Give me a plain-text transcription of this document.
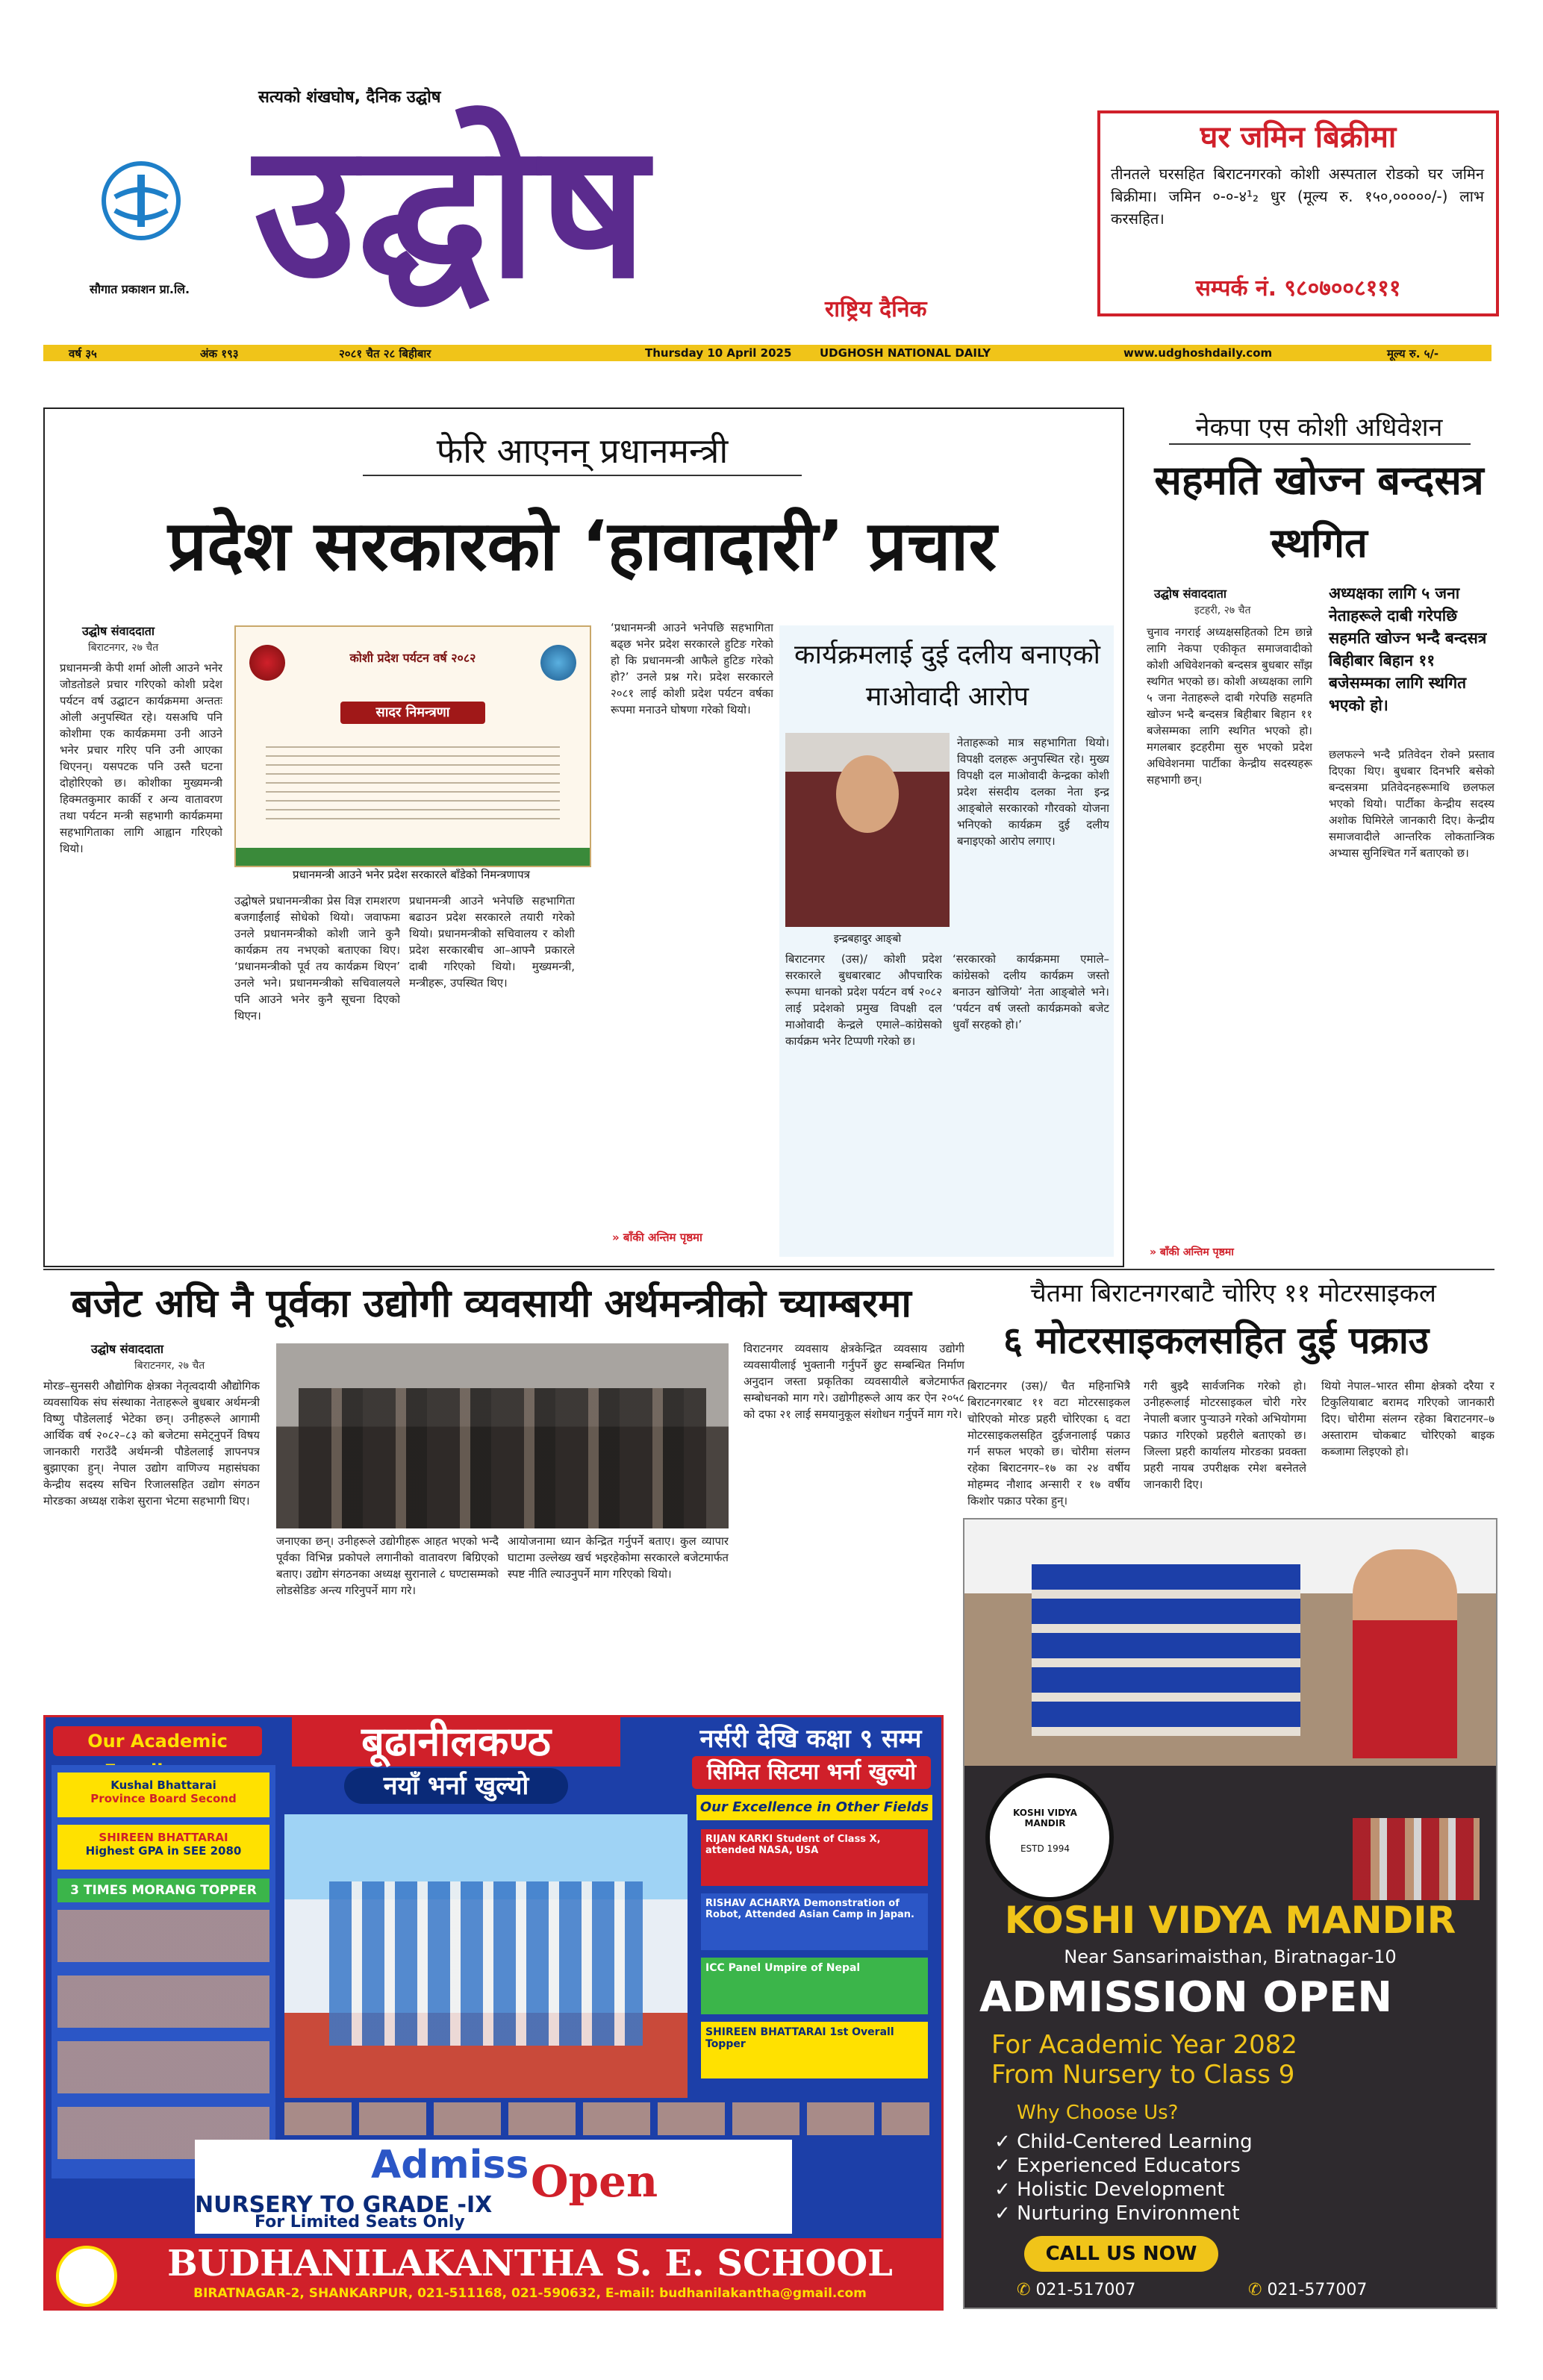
सौगात प्रकाशन प्रा.लि.
सत्यको शंखघोष, दैनिक उद्घोष
उद्घोष	राष्ट्रिय दैनिक
घर जमिन बिक्रीमा
तीनतले घरसहित बिराटनगरको कोशी अस्पताल रोडको घर जमिन बिक्रीमा। जमिन ०-०-४¹₂ धुर (मूल्य रु. १५०,०००००/-) लाभ करसहित।
सम्पर्क नं. ९८०७००८१११
वर्ष ३५	अंक १९३	२०८१ चैत २८ बिहीबार	Thursday 10 April 2025	UDGHOSH NATIONAL DAILY	www.udghoshdaily.com	मूल्य रु. ५/-
फेरि आएनन् प्रधानमन्त्री
प्रदेश सरकारको ‘हावादारी’ प्रचार
उद्घोष संवाददाता
बिराटनगर, २७ चैत
प्रधानमन्त्री केपी शर्मा ओली आउने भनेर जोडतोडले प्रचार गरिएको कोशी प्रदेश पर्यटन वर्ष उद्घाटन कार्यक्रममा अन्ततः ओली अनुपस्थित रहे। यसअघि पनि कोशीमा एक कार्यक्रममा उनी आउने भनेर प्रचार गरिए पनि उनी आएका थिएनन्। यसपटक पनि उस्तै घटना दोहोरिएको छ। कोशीका मुख्यमन्त्री हिक्मतकुमार कार्की र अन्य वातावरण तथा पर्यटन मन्त्री सहभागी कार्यक्रममा सहभागिताका लागि आह्वान गरिएको थियो।
कोशी प्रदेश पर्यटन वर्ष २०८२
सादर निमन्त्रणा
प्रधानमन्त्री आउने भनेर प्रदेश सरकारले बाँडेको निमन्त्रणापत्र
उद्घोषले प्रधानमन्त्रीका प्रेस विज्ञ रामशरण बजगाईंलाई सोधेको थियो। जवाफमा उनले प्रधानमन्त्रीको कोशी जाने कुनै कार्यक्रम तय नभएको बताएका थिए। ‘प्रधानमन्त्रीको पूर्व तय कार्यक्रम थिएन’ उनले भने। प्रधानमन्त्रीको सचिवालयले पनि आउने भनेर कुनै सूचना दिएको थिएन।
प्रधानमन्त्री आउने भनेपछि सहभागिता बढाउन प्रदेश सरकारले तयारी गरेको थियो। प्रधानमन्त्रीको सचिवालय र कोशी प्रदेश सरकारबीच आ–आफ्नै प्रकारले दाबी गरिएको थियो। मुख्यमन्त्री, मन्त्रीहरू, उपस्थित थिए।
‘प्रधानमन्त्री आउने भनेपछि सहभागिता बढ्छ भनेर प्रदेश सरकारले हुटिङ गरेको हो कि प्रधानमन्त्री आफैले हुटिङ गरेको हो?’ उनले प्रश्न गरे। प्रदेश सरकारले २०८१ लाई कोशी प्रदेश पर्यटन वर्षका रूपमा मनाउने घोषणा गरेको थियो।
» बाँकी अन्तिम पृष्ठमा
कार्यक्रमलाई दुई दलीय बनाएको माओवादी आरोप
इन्द्रबहादुर आङ्बो
नेताहरूको मात्र सहभागिता थियो। विपक्षी दलहरू अनुपस्थित रहे। मुख्य विपक्षी दल माओवादी केन्द्रका कोशी प्रदेश संसदीय दलका नेता इन्द्र आङ्बोले सरकारको गौरवको योजना भनिएको कार्यक्रम दुई दलीय बनाइएको आरोप लगाए।
बिराटनगर (उस)/ कोशी प्रदेश सरकारले बुधबारबाट औपचारिक रूपमा धानको प्रदेश पर्यटन वर्ष २०८२ लाई प्रदेशको प्रमुख विपक्षी दल माओवादी केन्द्रले एमाले–कांग्रेसको कार्यक्रम भनेर टिप्पणी गरेको छ।
‘सरकारको कार्यक्रममा एमाले–कांग्रेसको दलीय कार्यक्रम जस्तो बनाउन खोजियो’ नेता आङ्बोले भने। ‘पर्यटन वर्ष जस्तो कार्यक्रमको बजेट धुवाँ सरहको हो।’
नेकपा एस कोशी अधिवेशन
सहमति खोज्न बन्दसत्र स्थगित
उद्घोष संवाददाता
इटहरी, २७ चैत
अध्यक्षका लागि ५ जना नेताहरूले दाबी गरेपछि सहमति खोज्न भन्दै बन्दसत्र बिहीबार बिहान ११ बजेसम्मका लागि स्थगित भएको हो।
चुनाव नगराई अध्यक्षसहितको टिम छान्ने लागि नेकपा एकीकृत समाजवादीको कोशी अधिवेशनको बन्दसत्र बुधबार साँझ स्थगित भएको छ। कोशी अध्यक्षका लागि ५ जना नेताहरूले दाबी गरेपछि सहमति खोज्न भन्दै बन्दसत्र बिहीबार बिहान ११ बजेसम्मका लागि स्थगित भएको हो। मगलबार इटहरीमा सुरु भएको प्रदेश अधिवेशनमा पार्टीका केन्द्रीय सदस्यहरू सहभागी छन्।
छलफल्ने भन्दै प्रतिवेदन रोक्ने प्रस्ताव दिएका थिए। बुधबार दिनभरि बसेको बन्दसत्रमा प्रतिवेदनहरूमाथि छलफल भएको थियो। पार्टीका केन्द्रीय सदस्य अशोक घिमिरेले जानकारी दिए। केन्द्रीय समाजवादीले आन्तरिक लोकतान्त्रिक अभ्यास सुनिश्चित गर्ने बताएको छ।
» बाँकी अन्तिम पृष्ठमा
बजेट अघि नै पूर्वका उद्योगी व्यवसायी अर्थमन्त्रीको च्याम्बरमा
उद्घोष संवाददाता
बिराटनगर, २७ चैत
मोरङ–सुनसरी औद्योगिक क्षेत्रका नेतृत्वदायी औद्योगिक व्यवसायिक संघ संस्थाका नेताहरूले बुधबार अर्थमन्त्री विष्णु पौडेललाई भेटेका छन्। उनीहरूले आगामी आर्थिक वर्ष २०८२–८३ को बजेटमा समेट्नुपर्ने विषय जानकारी गराउँदै अर्थमन्त्री पौडेललाई ज्ञापनपत्र बुझाएका हुन्। नेपाल उद्योग वाणिज्य महासंघका केन्द्रीय सदस्य सचिन रिजालसहित उद्योग संगठन मोरङका अध्यक्ष राकेश सुराना भेटमा सहभागी थिए।
जनाएका छन्। उनीहरूले उद्योगीहरू आहत भएको भन्दै पूर्वका विभिन्न प्रकोपले लगानीको वातावरण बिग्रिएको बताए। उद्योग संगठनका अध्यक्ष सुरानाले ८ घण्टासम्मको लोडसेडिङ अन्त्य गरिनुपर्ने माग गरे।
आयोजनामा ध्यान केन्द्रित गर्नुपर्ने बताए। कुल व्यापार घाटामा उल्लेख्य खर्च भइरहेकोमा सरकारले बजेटमार्फत स्पष्ट नीति ल्याउनुपर्ने माग गरिएको थियो।
विराटनगर व्यवसाय क्षेत्रकेन्द्रित व्यवसाय उद्योगी व्यवसायीलाई भुक्तानी गर्नुपर्ने छुट सम्बन्धित निर्माण अनुदान जस्ता प्रकृतिका व्यवसायीले बजेटमार्फत सम्बोधनको माग गरे। उद्योगीहरूले आय कर ऐन २०५८ को दफा २१ लाई समयानुकूल संशोधन गर्नुपर्ने माग गरे।
चैतमा बिराटनगरबाटै चोरिए ११ मोटरसाइकल
६ मोटरसाइकलसहित दुई पक्राउ
बिराटनगर (उस)/ चैत महिनाभित्रै बिराटनगरबाट ११ वटा मोटरसाइकल चोरिएको मोरङ प्रहरी चोरिएका ६ वटा मोटरसाइकलसहित दुईजनालाई पक्राउ गर्न सफल भएको छ। चोरीमा संलग्न रहेका बिराटनगर–१७ का २४ वर्षीय मोहम्मद नौशाद अन्सारी र १७ वर्षीय किशोर पक्राउ परेका हुन्।
गरी बुझ्दै सार्वजनिक गरेको हो। उनीहरूलाई मोटरसाइकल चोरी गरेर नेपाली बजार पुऱ्याउने गरेको अभियोगमा पक्राउ गरिएको प्रहरीले बताएको छ। जिल्ला प्रहरी कार्यालय मोरङका प्रवक्ता प्रहरी नायब उपरीक्षक रमेश बस्नेतले जानकारी दिए।
थियो नेपाल–भारत सीमा क्षेत्रको दरैया र टिकुलियाबाट बरामद गरिएको जानकारी दिए। चोरीमा संलग्न रहेका बिराटनगर–७ अस्ताराम चोकबाट चोरिएको बाइक कब्जामा लिइएको हो।
Our Academic	बूढानीलकण्ठ
नयाँ भर्ना खुल्यो
नर्सरी देखि कक्षा ९ सम्म
सिमित सिटमा भर्ना खुल्यो
Kushal Bhattarai
Province Board Second
SHIREEN BHATTARAI
Highest GPA in SEE 2080
3 TIMES MORANG TOPPER
Our Excellence in Other Fields
RIJAN KARKI Student of Class X, attended NASA, USA
RISHAV ACHARYA Demonstration of Robot, Attended Asian Camp in Japan.
ICC Panel Umpire of Nepal
SHIREEN BHATTARAI 1st Overall Topper
Admiss Open
NURSERY TO GRADE -IX
For Limited Seats Only
BUDHANILAKANTHA S. E. SCHOOL
BIRATNAGAR-2, SHANKARPUR, 021-511168, 021-590632, E-mail: budhanilakantha@gmail.com
KOSHI VIDYA MANDIR
ESTD 1994
KOSHI VIDYA MANDIR
Near Sansarimaisthan, Biratnagar-10
ADMISSION OPEN
For Academic Year 2082
From Nursery to Class 9
Why Choose Us?
✓ Child-Centered Learning
✓ Experienced Educators
✓ Holistic Development
✓ Nurturing Environment
CALL US NOW
✆ 021-517007	✆ 021-577007
